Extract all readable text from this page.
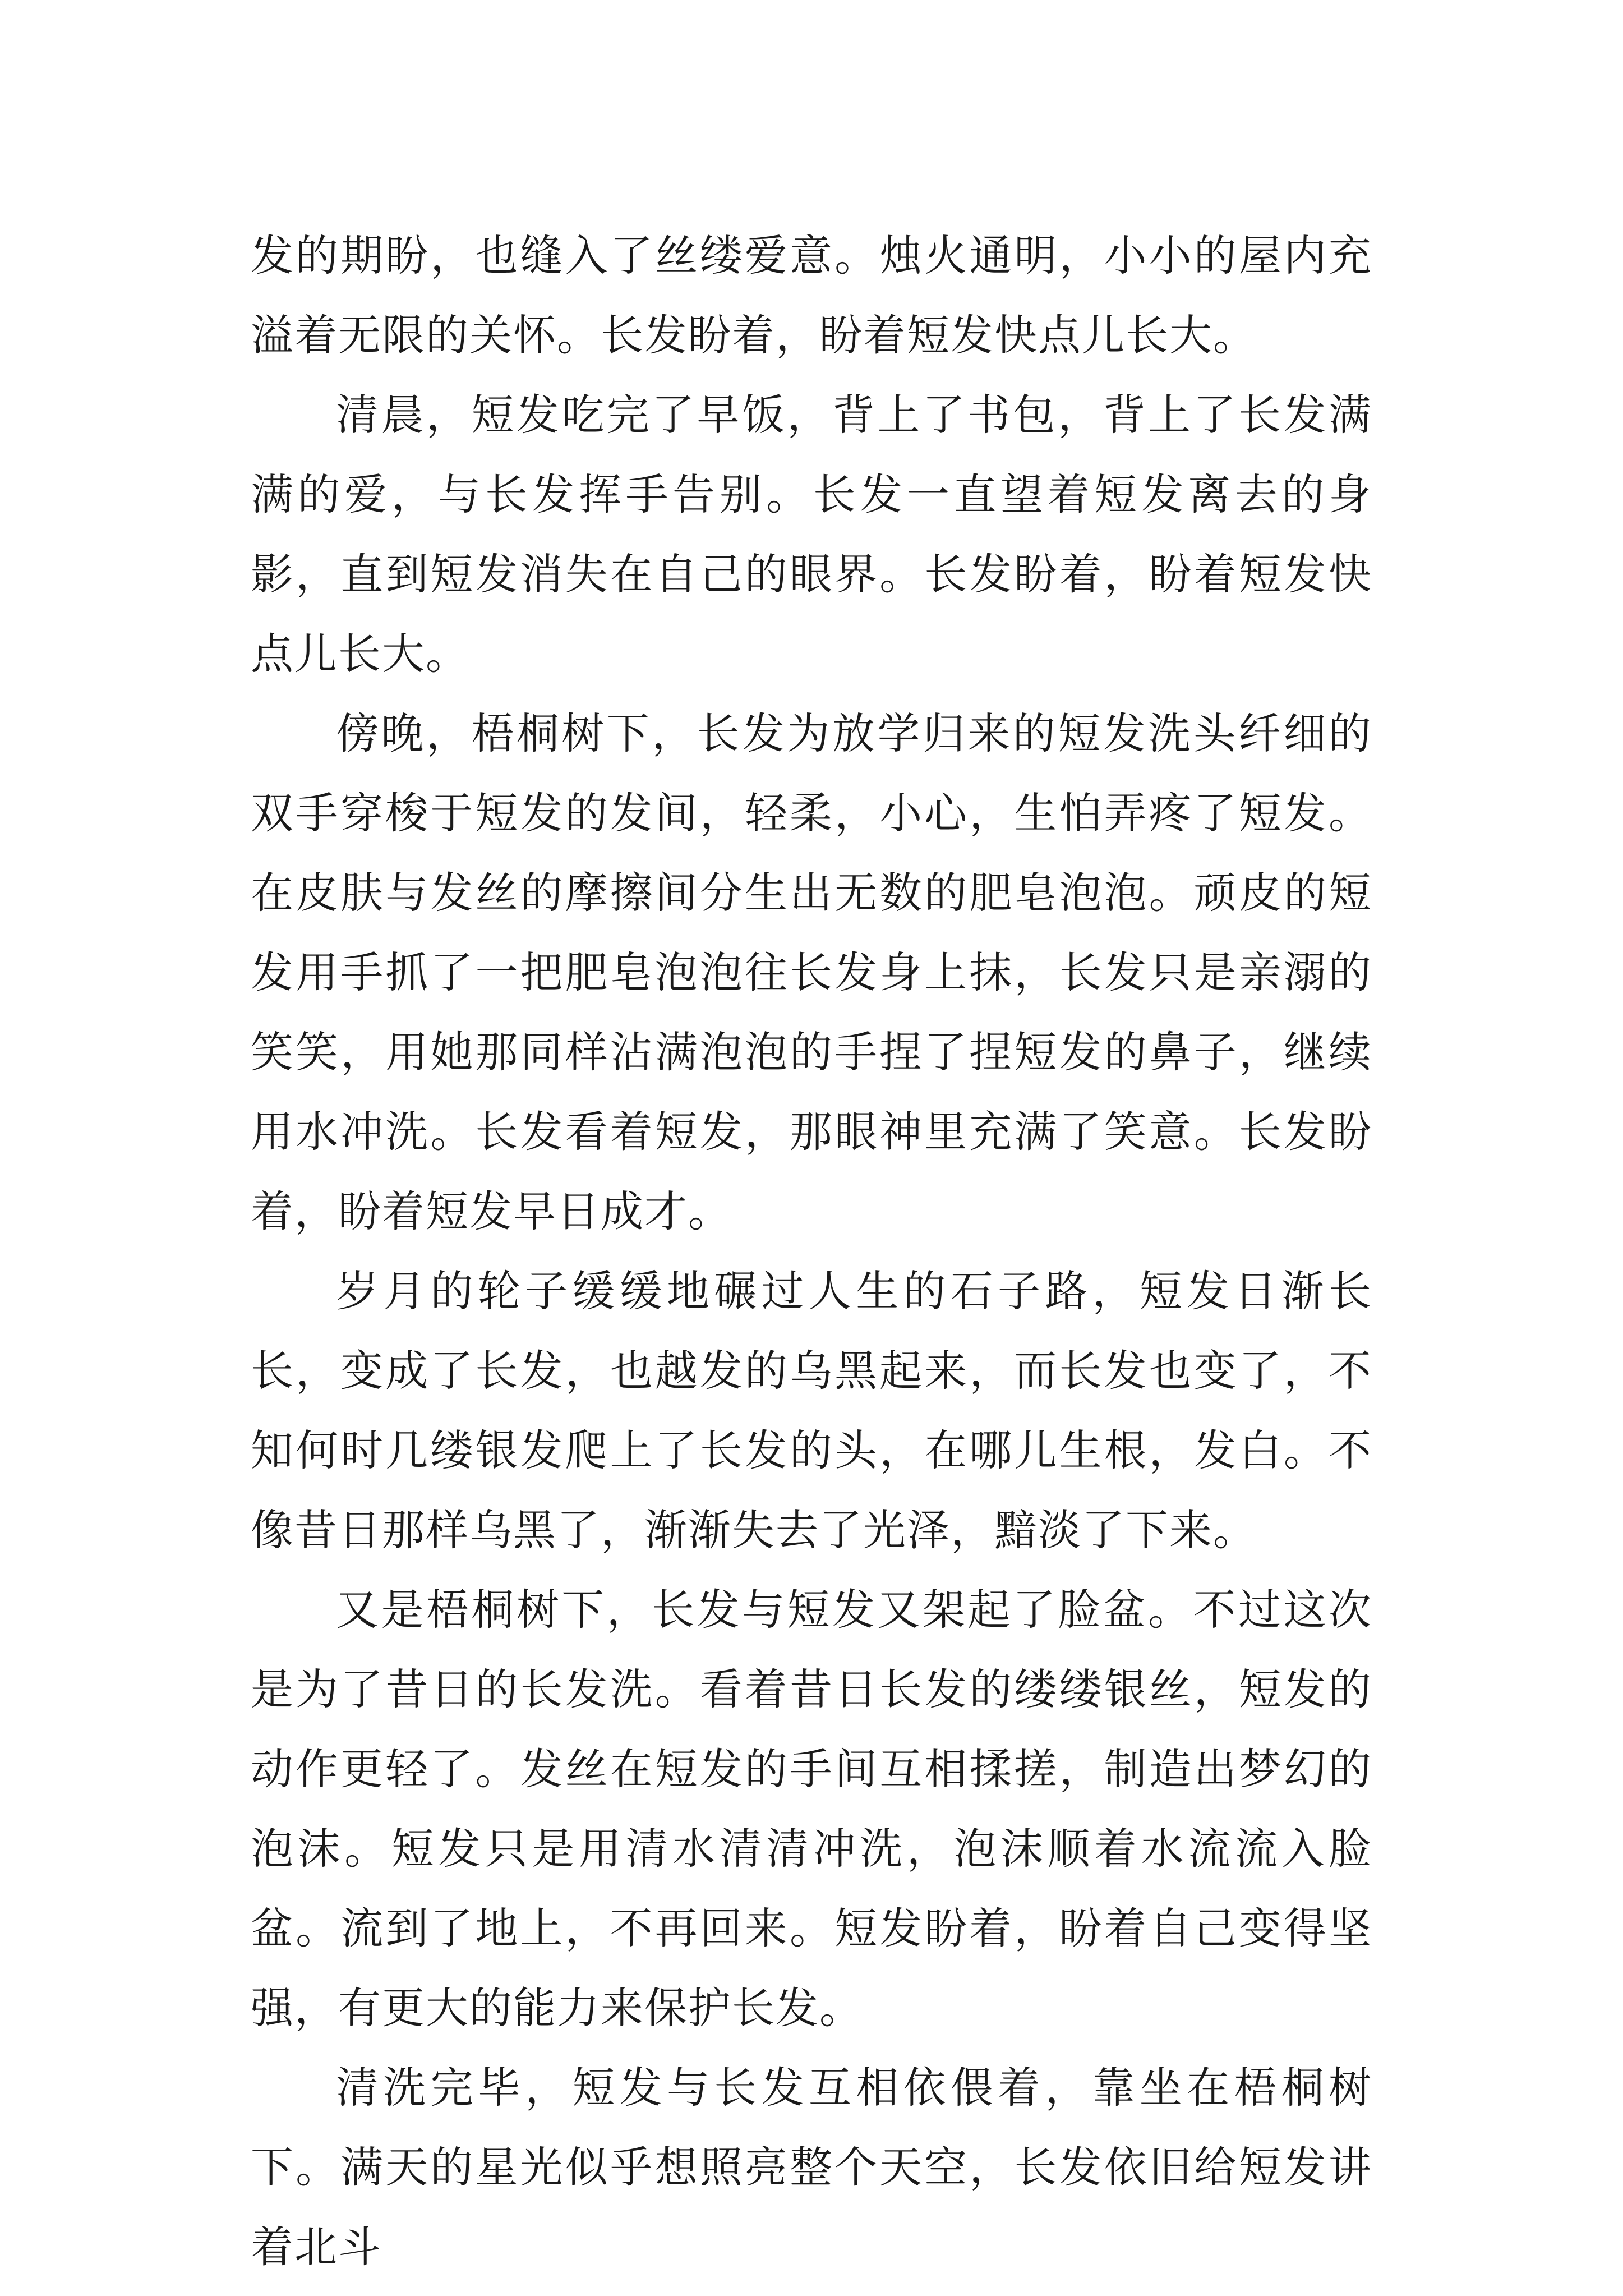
发的期盼，也缝入了丝缕爱意。烛火通明，小小的屋内充溢着无限的关怀。长发盼着，盼着短发快点儿长大。

清晨，短发吃完了早饭，背上了书包，背上了长发满满的爱，与长发挥手告别。长发一直望着短发离去的身影，直到短发消失在自己的眼界。长发盼着，盼着短发快点儿长大。

傍晚，梧桐树下，长发为放学归来的短发洗头纤细的双手穿梭于短发的发间，轻柔，小心，生怕弄疼了短发。在皮肤与发丝的摩擦间分生出无数的肥皂泡泡。顽皮的短发用手抓了一把肥皂泡泡往长发身上抹，长发只是亲溺的笑笑，用她那同样沾满泡泡的手捏了捏短发的鼻子，继续用水冲洗。长发看着短发，那眼神里充满了笑意。长发盼着，盼着短发早日成才。

岁月的轮子缓缓地碾过人生的石子路，短发日渐长长，变成了长发，也越发的乌黑起来，而长发也变了，不知何时几缕银发爬上了长发的头，在哪儿生根，发白。不像昔日那样乌黑了，渐渐失去了光泽，黯淡了下来。

又是梧桐树下，长发与短发又架起了脸盆。不过这次是为了昔日的长发洗。看着昔日长发的缕缕银丝，短发的动作更轻了。发丝在短发的手间互相揉搓，制造出梦幻的泡沫。短发只是用清水清清冲洗，泡沫顺着水流流入脸盆。流到了地上，不再回来。短发盼着，盼着自己变得坚强，有更大的能力来保护长发。

清洗完毕，短发与长发互相依偎着，靠坐在梧桐树下。满天的星光似乎想照亮整个天空，长发依旧给短发讲着北斗
